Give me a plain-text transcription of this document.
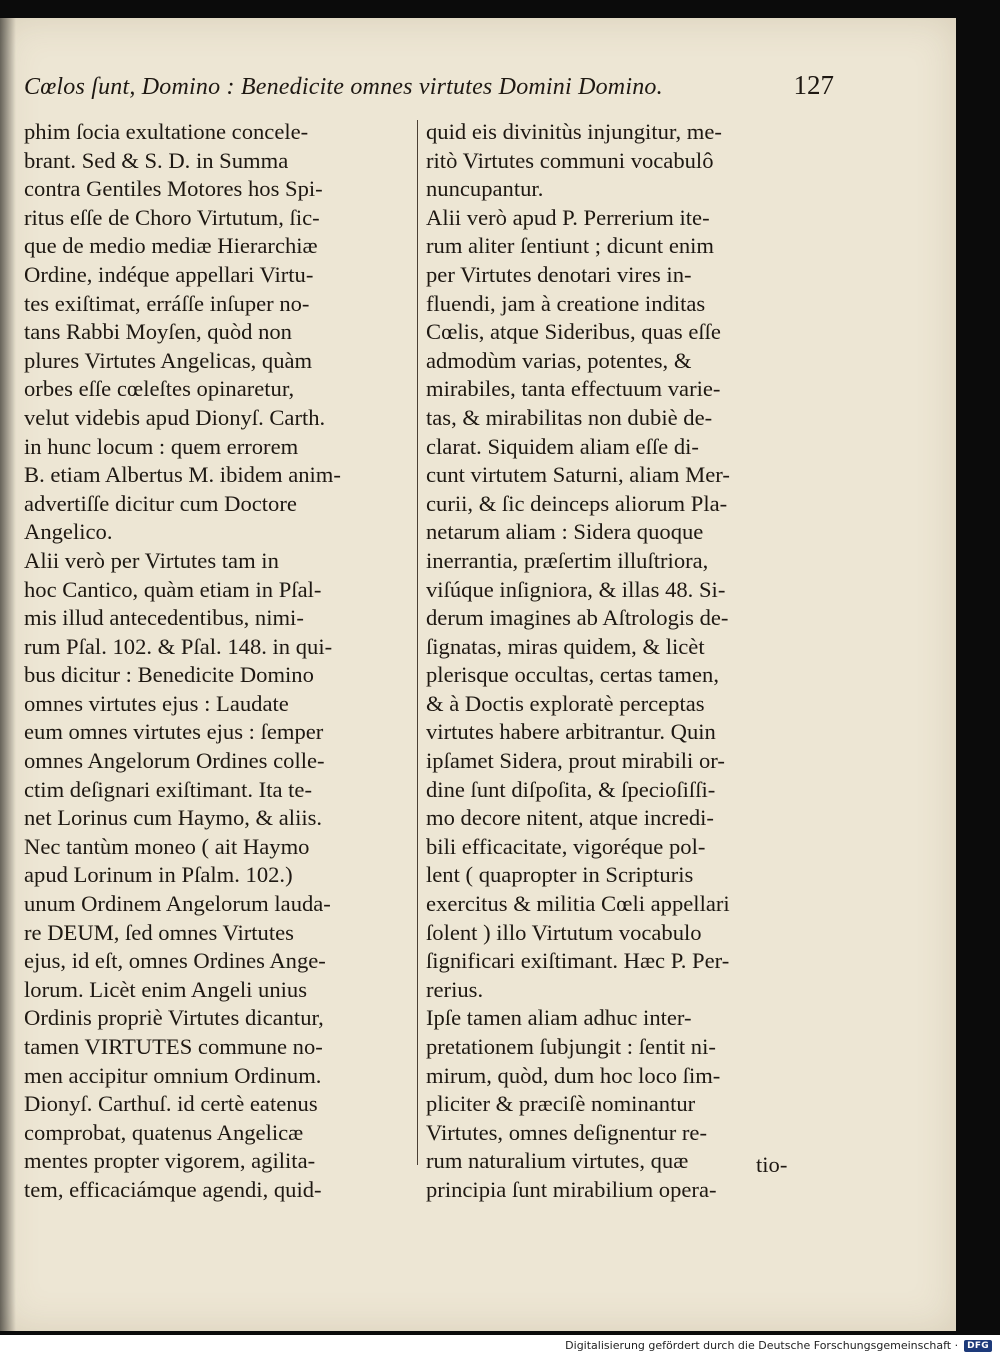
Cœlos ſunt, Domino : Benedicite omnes virtutes Domini Domino.	127
phim ſocia exultatione concele-
brant. Sed & S. D. in Summa
contra Gentiles Motores hos Spi-
ritus eſſe de Choro Virtutum, ſic-
que de medio mediæ Hierarchiæ
Ordine, indéque appellari Virtu-
tes exiſtimat, erráſſe inſuper no-
tans Rabbi Moyſen, quòd non
plures Virtutes Angelicas, quàm
orbes eſſe cœleſtes opinaretur,
velut videbis apud Dionyſ. Carth.
in hunc locum : quem errorem
B. etiam Albertus M. ibidem anim-
advertiſſe dicitur cum Doctore
Angelico.
Alii verò per Virtutes tam in
hoc Cantico, quàm etiam in Pſal-
mis illud antecedentibus, nimi-
rum Pſal. 102. & Pſal. 148. in qui-
bus dicitur : Benedicite Domino
omnes virtutes ejus : Laudate
eum omnes virtutes ejus : ſemper
omnes Angelorum Ordines colle-
ctim deſignari exiſtimant. Ita te-
net Lorinus cum Haymo, & aliis.
Nec tantùm moneo ( ait Haymo
apud Lorinum in Pſalm. 102.)
unum Ordinem Angelorum lauda-
re DEUM, ſed omnes Virtutes
ejus, id eſt, omnes Ordines Ange-
lorum. Licèt enim Angeli unius
Ordinis propriè Virtutes dicantur,
tamen VIRTUTES commune no-
men accipitur omnium Ordinum.
Dionyſ. Carthuſ. id certè eatenus
comprobat, quatenus Angelicæ
mentes propter vigorem, agilita-
tem, efficaciámque agendi, quid-
quid eis divinitùs injungitur, me-
ritò Virtutes communi vocabulô
nuncupantur.
Alii verò apud P. Perrerium ite-
rum aliter ſentiunt ; dicunt enim
per Virtutes denotari vires in-
fluendi, jam à creatione inditas
Cœlis, atque Sideribus, quas eſſe
admodùm varias, potentes, &
mirabiles, tanta effectuum varie-
tas, & mirabilitas non dubiè de-
clarat. Siquidem aliam eſſe di-
cunt virtutem Saturni, aliam Mer-
curii, & ſic deinceps aliorum Pla-
netarum aliam : Sidera quoque
inerrantia, præſertim illuſtriora,
viſúque inſigniora, & illas 48. Si-
derum imagines ab Aſtrologis de-
ſignatas, miras quidem, & licèt
plerisque occultas, certas tamen,
& à Doctis exploratè perceptas
virtutes habere arbitrantur. Quin
ipſamet Sidera, prout mirabili or-
dine ſunt diſpoſita, & ſpecioſiſſi-
mo decore nitent, atque incredi-
bili efficacitate, vigoréque pol-
lent ( quapropter in Scripturis
exercitus & militia Cœli appellari
ſolent ) illo Virtutum vocabulo
ſignificari exiſtimant. Hæc P. Per-
rerius.
Ipſe tamen aliam adhuc inter-
pretationem ſubjungit : ſentit ni-
mirum, quòd, dum hoc loco ſim-
pliciter & præciſè nominantur
Virtutes, omnes deſignentur re-
rum naturalium virtutes, quæ
principia ſunt mirabilium opera-
tio-
Digitalisierung gefördert durch die Deutsche Forschungsgemeinschaft ·	DFG
